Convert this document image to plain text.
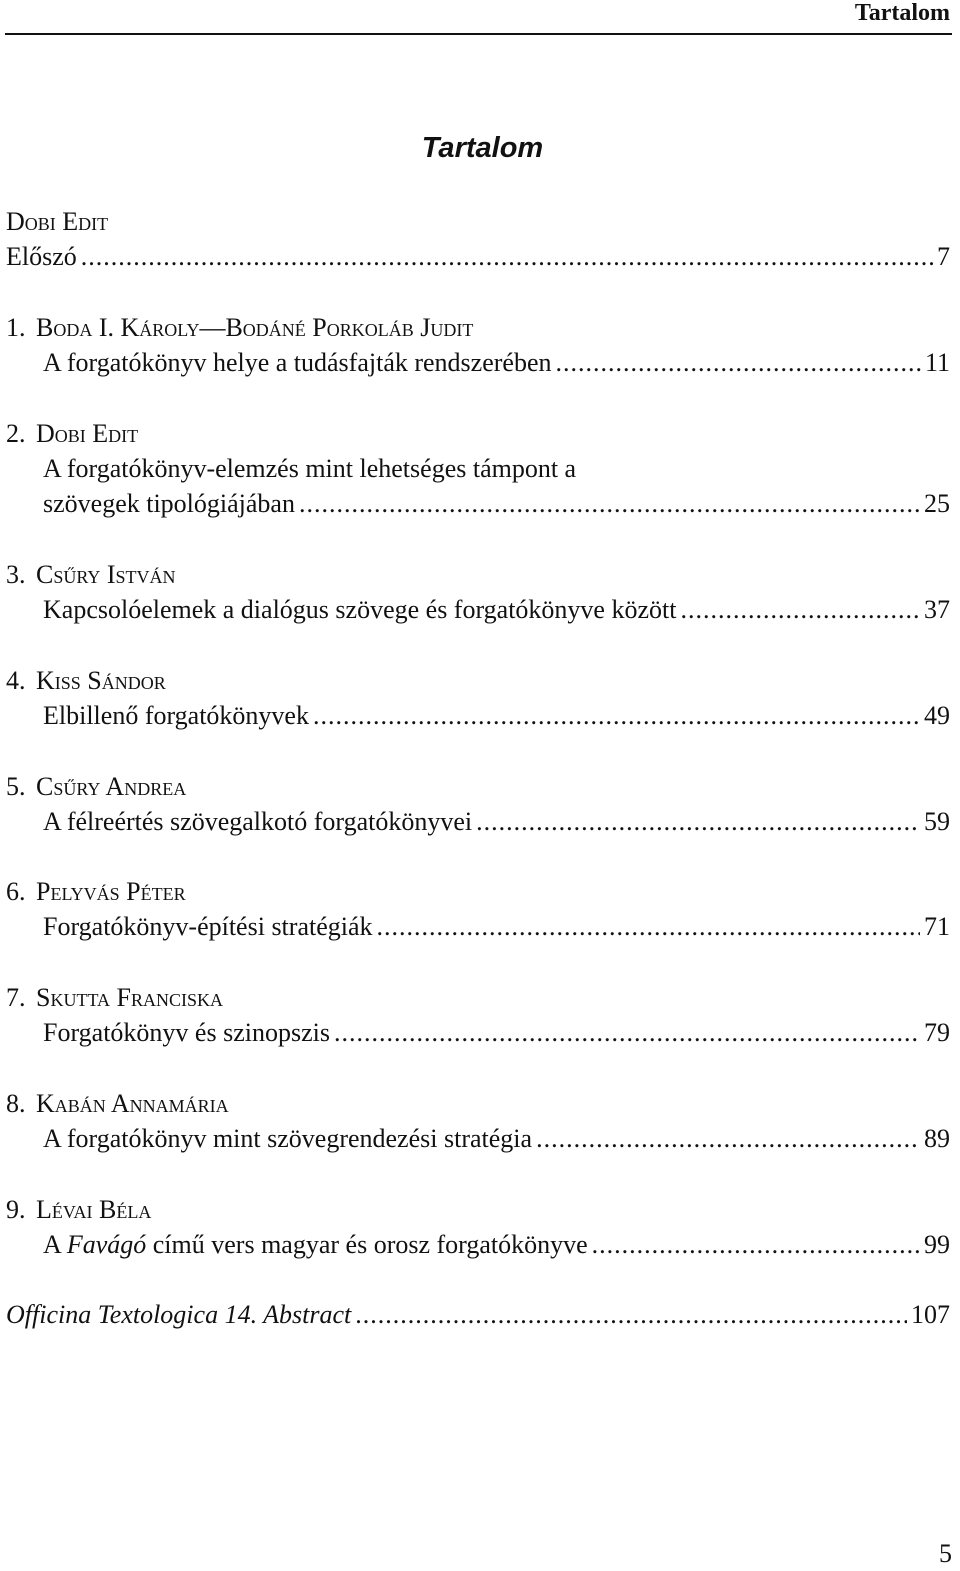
Tartalom
Tartalom
Dobi Edit
Előszó .....	7
1. Boda I. Károly—Bodáné Porkoláb Judit
A forgatókönyv helye a tudásfajták rendszerében .....	11
2. Dobi Edit
A forgatókönyv-elemzés mint lehetséges támpont a
szövegek tipológiájában .....	25
3. Csűry István
Kapcsolóelemek a dialógus szövege és forgatókönyve között .....	37
4. Kiss Sándor
Elbillenő forgatókönyvek .....	49
5. Csűry Andrea
A félreértés szövegalkotó forgatókönyvei .....	59
6. Pelyvás Péter
Forgatókönyv-építési stratégiák .....	71
7. Skutta Franciska
Forgatókönyv és szinopszis .....	79
8. Kabán Annamária
A forgatókönyv mint szövegrendezési stratégia .....	89
9. Lévai Béla
A Favágó című vers magyar és orosz forgatókönyve .....	99
Officina Textologica 14. Abstract .....	107
5
